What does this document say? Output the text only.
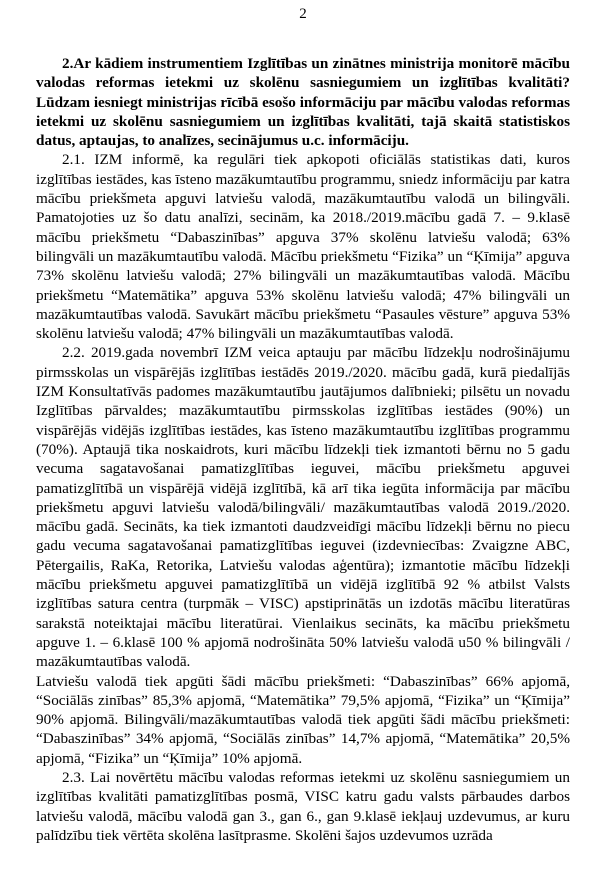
2

2.Ar kādiem instrumentiem Izglītības un zinātnes ministrija monitorē mācību valodas reformas ietekmi uz skolēnu sasniegumiem un izglītības kvalitāti? Lūdzam iesniegt ministrijas rīcībā esošo informāciju par mācību valodas reformas ietekmi uz skolēnu sasniegumiem un izglītības kvalitāti, tajā skaitā statistiskos datus, aptaujas, to analīzes, secinājumus u.c. informāciju.

2.1. IZM informē, ka regulāri tiek apkopoti oficiālās statistikas dati, kuros izglītības iestādes, kas īsteno mazākumtautību programmu, sniedz informāciju par katra mācību priekšmeta apguvi latviešu valodā, mazākumtautību valodā un bilingvāli. Pamatojoties uz šo datu analīzi, secinām, ka 2018./2019.mācību gadā 7. – 9.klasē mācību priekšmetu “Dabaszinības” apguva 37% skolēnu latviešu valodā; 63% bilingvāli un mazākumtautību valodā. Mācību priekšmetu “Fizika” un “Ķīmija” apguva 73% skolēnu latviešu valodā; 27% bilingvāli un mazākumtautības valodā. Mācību priekšmetu “Matemātika” apguva 53% skolēnu latviešu valodā; 47% bilingvāli un mazākumtautības valodā. Savukārt mācību priekšmetu “Pasaules vēsture” apguva 53% skolēnu latviešu valodā; 47% bilingvāli un mazākumtautības valodā.

2.2. 2019.gada novembrī IZM veica aptauju par mācību līdzekļu nodrošinājumu pirmsskolas un vispārējās izglītības iestādēs 2019./2020. mācību gadā, kurā piedalījās IZM Konsultatīvās padomes mazākumtautību jautājumos dalībnieki; pilsētu un novadu Izglītības pārvaldes; mazākumtautību pirmsskolas izglītības iestādes (90%) un vispārējās vidējās izglītības iestādes, kas īsteno mazākumtautību izglītības programmu (70%). Aptaujā tika noskaidrots, kuri mācību līdzekļi tiek izmantoti bērnu no 5 gadu vecuma sagatavošanai pamatizglītības ieguvei, mācību priekšmetu apguvei pamatizglītībā un vispārējā vidējā izglītībā, kā arī tika iegūta informācija par mācību priekšmetu apguvi latviešu valodā/bilingvāli/ mazākumtautības valodā 2019./2020. mācību gadā. Secināts, ka tiek izmantoti daudzveidīgi mācību līdzekļi bērnu no piecu gadu vecuma sagatavošanai pamatizglītības ieguvei (izdevniecības: Zvaigzne ABC, Pētergailis, RaKa, Retorika, Latviešu valodas aģentūra); izmantotie mācību līdzekļi mācību priekšmetu apguvei pamatizglītībā un vidējā izglītībā 92 % atbilst Valsts izglītības satura centra (turpmāk – VISC) apstiprinātās un izdotās mācību literatūras sarakstā noteiktajai mācību literatūrai. Vienlaikus secināts, ka mācību priekšmetu apguve 1. – 6.klasē 100 % apjomā nodrošināta 50% latviešu valodā u50 % bilingvāli / mazākumtautības valodā.

Latviešu valodā tiek apgūti šādi mācību priekšmeti: “Dabaszinības” 66% apjomā, “Sociālās zinības” 85,3% apjomā, “Matemātika” 79,5% apjomā, “Fizika” un “Ķīmija” 90% apjomā. Bilingvāli/mazākumtautības valodā tiek apgūti šādi mācību priekšmeti: “Dabaszinības” 34% apjomā, “Sociālās zinības” 14,7% apjomā, “Matemātika” 20,5% apjomā, “Fizika” un “Ķīmija” 10% apjomā.

2.3. Lai novērtētu mācību valodas reformas ietekmi uz skolēnu sasniegumiem un izglītības kvalitāti pamatizglītības posmā, VISC katru gadu valsts pārbaudes darbos latviešu valodā, mācību valodā gan 3., gan 6., gan 9.klasē iekļauj uzdevumus, ar kuru palīdzību tiek vērtēta skolēna lasītprasme. Skolēni šajos uzdevumos uzrāda
